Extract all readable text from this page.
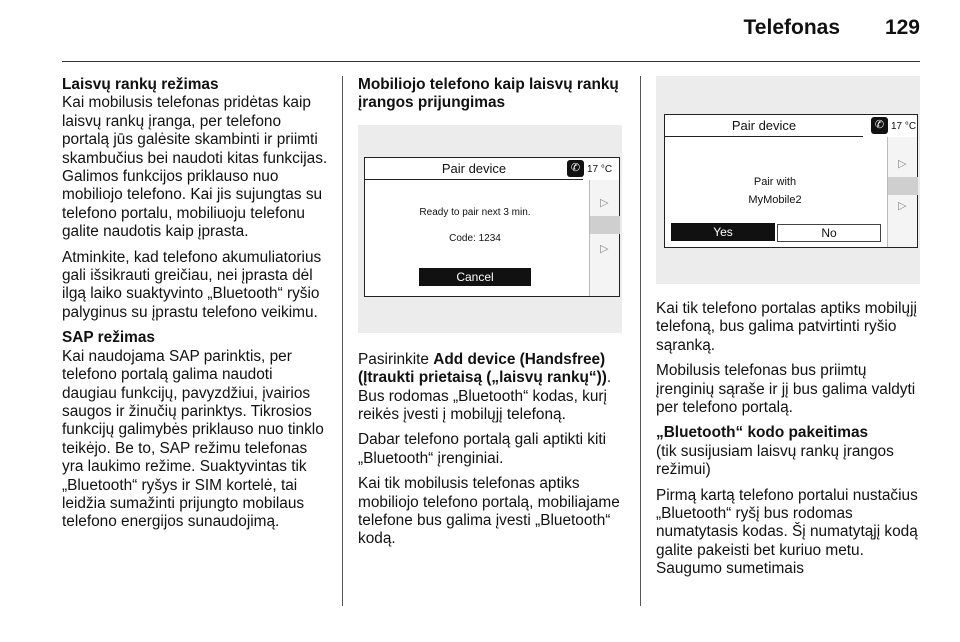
Telefonas 129
Laisvų rankų režimas

Kai mobilusis telefonas pridėtas kaip laisvų rankų įranga, per telefono portalą jūs galėsite skambinti ir priimti skambučius bei naudoti kitas funkcijas. Galimos funkcijos priklauso nuo mobiliojo telefono. Kai jis sujungtas su telefono portalu, mobiliuoju telefonu galite naudotis kaip įprasta.

Atminkite, kad telefono akumuliatorius gali išsikrauti greičiau, nei įprasta dėl ilgą laiko suaktyvinto „Bluetooth“ ryšio palyginus su įprastu telefono veikimu.

SAP režimas

Kai naudojama SAP parinktis, per telefono portalą galima naudoti daugiau funkcijų, pavyzdžiui, įvairios saugos ir žinučių parinktys. Tikrosios funkcijų galimybės priklauso nuo tinklo teikėjo. Be to, SAP režimu telefonas yra laukimo režime. Suaktyvintas tik „Bluetooth“ ryšys ir SIM kortelė, tai leidžia sumažinti prijungto mobilaus telefono energijos sunaudojimą.

Mobiliojo telefono kaip laisvų rankų įrangos prijungimas
Pair device	✆ 17 °C
▷
▷
Ready to pair next 3 min.
Code: 1234
Cancel

Pasirinkite Add device (Handsfree) (Įtraukti prietaisą („laisvų rankų“)). Bus rodomas „Bluetooth“ kodas, kurį reikės įvesti į mobilųjį telefoną.

Dabar telefono portalą gali aptikti kiti „Bluetooth“ įrenginiai.

Kai tik mobilusis telefonas aptiks mobiliojo telefono portalą, mobiliajame telefone bus galima įvesti „Bluetooth“ kodą.

Pair device	✆ 17 °C
▷
▷
Pair with
MyMobile2
Yes	No

Kai tik telefono portalas aptiks mobilųjį telefoną, bus galima patvirtinti ryšio sąranką.

Mobilusis telefonas bus priimtų įrenginių sąraše ir jį bus galima valdyti per telefono portalą.

„Bluetooth“ kodo pakeitimas

(tik susijusiam laisvų rankų įrangos režimui)

Pirmą kartą telefono portalui nustačius „Bluetooth“ ryšį bus rodomas numatytasis kodas. Šį numatytąjį kodą galite pakeisti bet kuriuo metu. Saugumo sumetimais
